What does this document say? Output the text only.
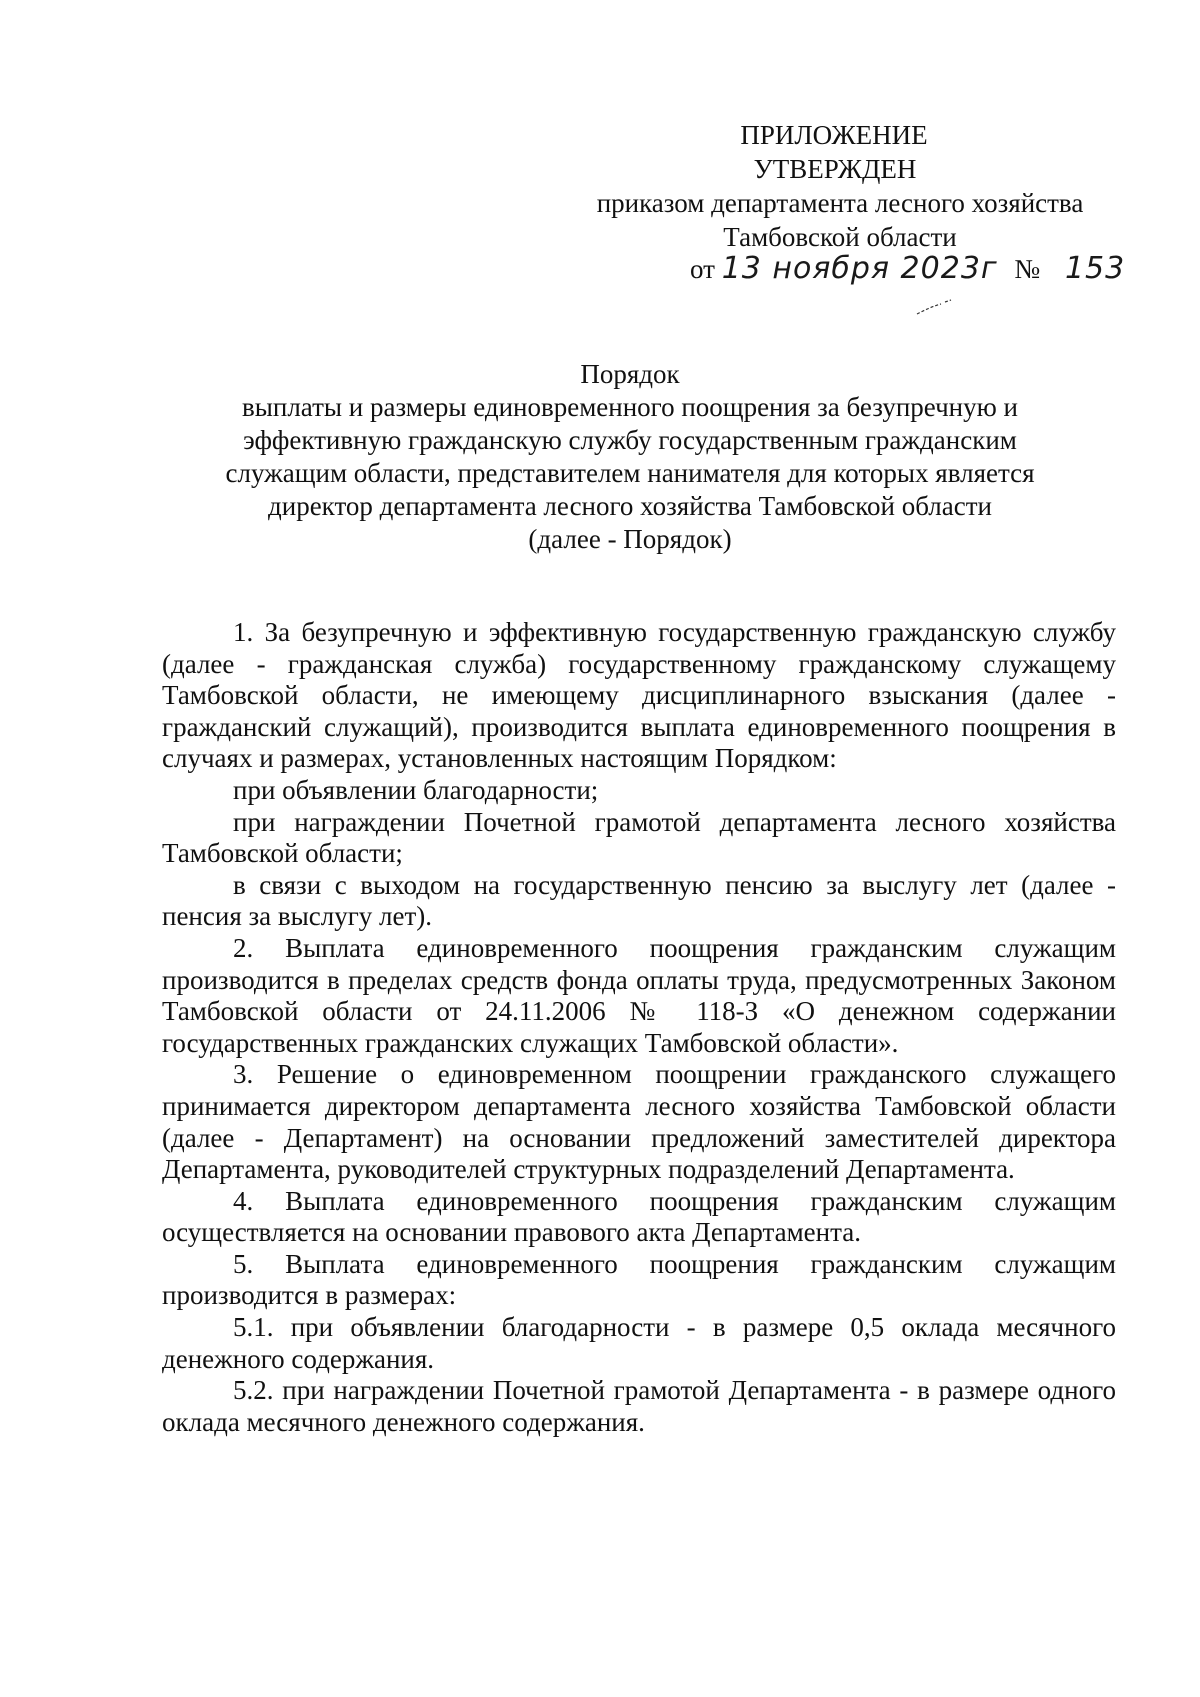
ПРИЛОЖЕНИЕ
УТВЕРЖДЕН
приказом департамента лесного хозяйства
Тамбовской области
от 13 ноября 2023г № 153
Порядок
выплаты и размеры единовременного поощрения за безупречную и
эффективную гражданскую службу государственным гражданским
служащим области, представителем нанимателя для которых является
директор департамента лесного хозяйства Тамбовской области
(далее - Порядок)

1. За безупречную и эффективную государственную гражданскую службу (далее - гражданская служба) государственному гражданскому служащему Тамбовской области, не имеющему дисциплинарного взыскания (далее - гражданский служащий), производится выплата единовременного поощрения в случаях и размерах, установленных настоящим Порядком:

при объявлении благодарности;

при награждении Почетной грамотой департамента лесного хозяйства Тамбовской области;

в связи с выходом на государственную пенсию за выслугу лет (далее - пенсия за выслугу лет).

2. Выплата единовременного поощрения гражданским служащим производится в пределах средств фонда оплаты труда, предусмотренных Законом Тамбовской области от 24.11.2006 № 118-З «О денежном содержании государственных гражданских служащих Тамбовской области».

3. Решение о единовременном поощрении гражданского служащего принимается директором департамента лесного хозяйства Тамбовской области (далее - Департамент) на основании предложений заместителей директора Департамента, руководителей структурных подразделений Департамента.

4. Выплата единовременного поощрения гражданским служащим осуществляется на основании правового акта Департамента.

5. Выплата единовременного поощрения гражданским служащим производится в размерах:

5.1. при объявлении благодарности - в размере 0,5 оклада месячного денежного содержания.

5.2. при награждении Почетной грамотой Департамента - в размере одного оклада месячного денежного содержания.
